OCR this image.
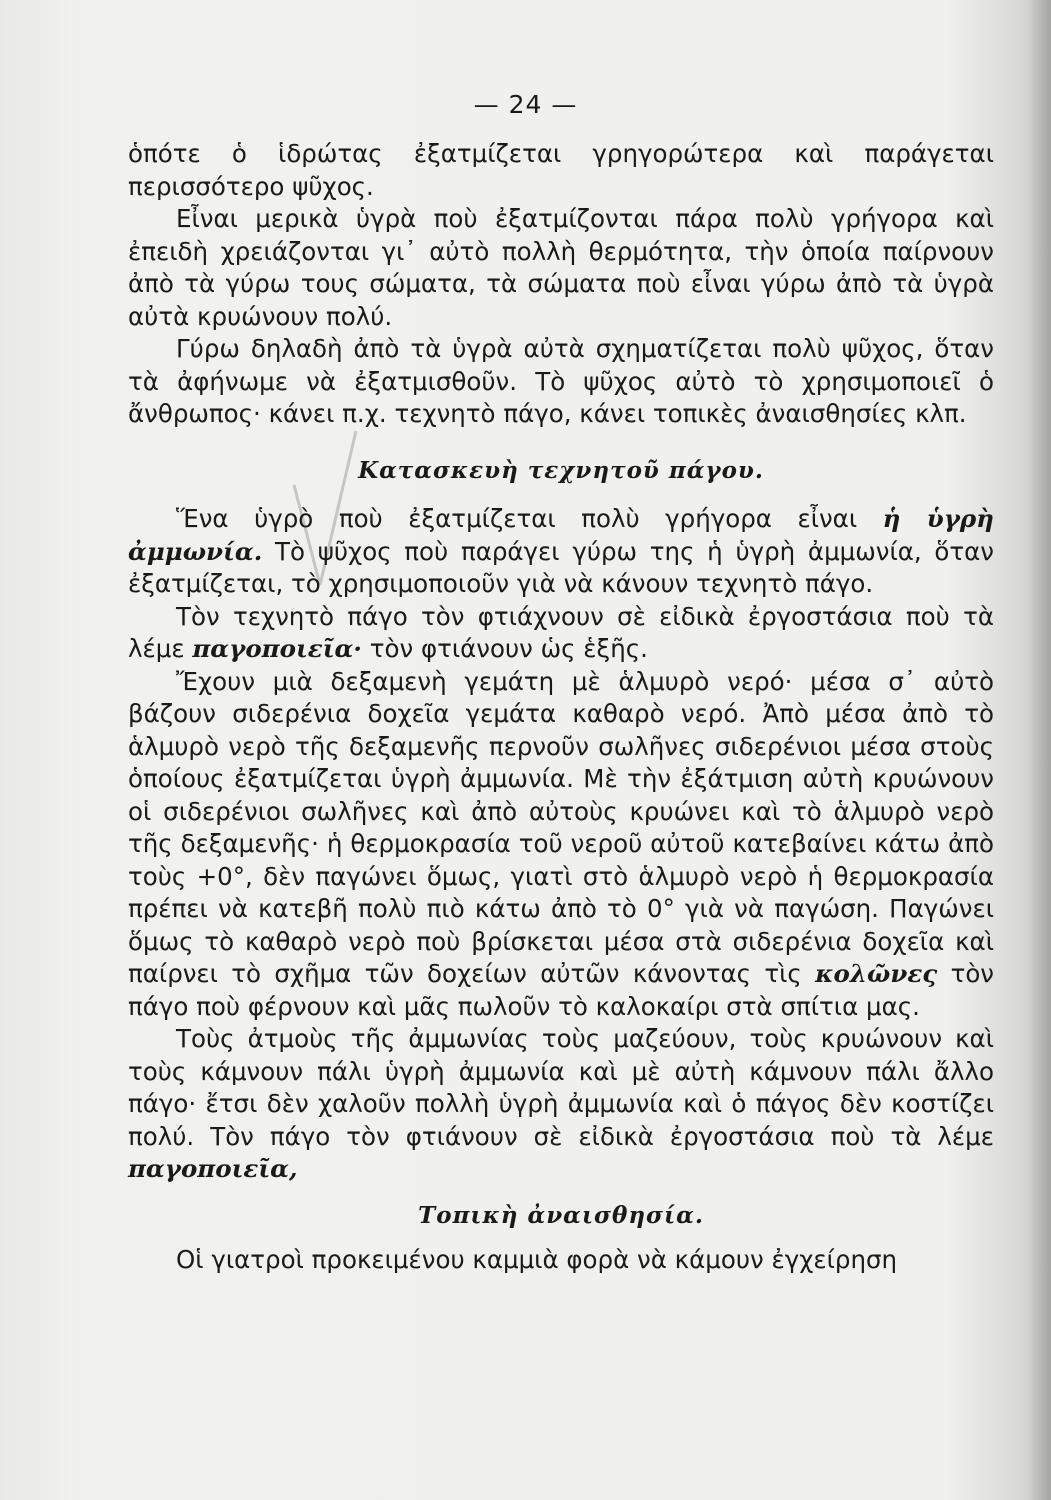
— 24 —

ὁπότε ὁ ἱδρώτας ἐξατμίζεται γρηγορώτερα καὶ παράγεται περισσότερο ψῦχος.

Εἶναι μερικὰ ὑγρὰ ποὺ ἐξατμίζονται πάρα πολὺ γρήγορα καὶ ἐπειδὴ χρειάζονται γι᾽ αὐτὸ πολλὴ θερμότητα, τὴν ὁποία παίρνουν ἀπὸ τὰ γύρω τους σώματα, τὰ σώματα ποὺ εἶναι γύρω ἀπὸ τὰ ὑγρὰ αὐτὰ κρυώνουν πολύ.

Γύρω δηλαδὴ ἀπὸ τὰ ὑγρὰ αὐτὰ σχηματίζεται πολὺ ψῦχος, ὅταν τὰ ἀφήνωμε νὰ ἐξατμισθοῦν. Τὸ ψῦχος αὐτὸ τὸ χρησιμοποιεῖ ὁ ἄνθρωπος· κάνει π.χ. τεχνητὸ πάγο, κάνει τοπικὲς ἀναισθησίες κλπ.

Κατασκευὴ τεχνητοῦ πάγου.

Ἕνα ὑγρὸ ποὺ ἐξατμίζεται πολὺ γρήγορα εἶναι ἡ ὑγρὴ ἀμμωνία. Τὸ ψῦχος ποὺ παράγει γύρω της ἡ ὑγρὴ ἀμμωνία, ὅταν ἐξατμίζεται, τὸ χρησιμοποιοῦν γιὰ νὰ κάνουν τεχνητὸ πάγο.

Τὸν τεχνητὸ πάγο τὸν φτιάχνουν σὲ εἰδικὰ ἐργοστάσια ποὺ τὰ λέμε παγοποιεῖα· τὸν φτιάνουν ὡς ἑξῆς.

Ἔχουν μιὰ δεξαμενὴ γεμάτη μὲ ἁλμυρὸ νερό· μέσα σ᾽ αὐτὸ βάζουν σιδερένια δοχεῖα γεμάτα καθαρὸ νερό. Ἀπὸ μέσα ἀπὸ τὸ ἁλμυρὸ νερὸ τῆς δεξαμενῆς περνοῦν σωλῆνες σιδερένιοι μέσα στοὺς ὁποίους ἐξατμίζεται ὑγρὴ ἀμμωνία. Μὲ τὴν ἐξάτμιση αὐτὴ κρυώνουν οἱ σιδερένιοι σωλῆνες καὶ ἀπὸ αὐτοὺς κρυώνει καὶ τὸ ἁλμυρὸ νερὸ τῆς δεξαμενῆς· ἡ θερμοκρασία τοῦ νεροῦ αὐτοῦ κατεβαίνει κάτω ἀπὸ τοὺς +0°, δὲν παγώνει ὅμως, γιατὶ στὸ ἁλμυρὸ νερὸ ἡ θερμοκρασία πρέπει νὰ κατεβῆ πολὺ πιὸ κάτω ἀπὸ τὸ 0° γιὰ νὰ παγώση. Παγώνει ὅμως τὸ καθαρὸ νερὸ ποὺ βρίσκεται μέσα στὰ σιδερένια δοχεῖα καὶ παίρνει τὸ σχῆμα τῶν δοχείων αὐτῶν κάνοντας τὶς κολῶνες τὸν πάγο ποὺ φέρνουν καὶ μᾶς πωλοῦν τὸ καλοκαίρι στὰ σπίτια μας.

Τοὺς ἀτμοὺς τῆς ἀμμωνίας τοὺς μαζεύουν, τοὺς κρυώνουν καὶ τοὺς κάμνουν πάλι ὑγρὴ ἀμμωνία καὶ μὲ αὐτὴ κάμνουν πάλι ἄλλο πάγο· ἔτσι δὲν χαλοῦν πολλὴ ὑγρὴ ἀμμωνία καὶ ὁ πάγος δὲν κοστίζει πολύ. Τὸν πάγο τὸν φτιάνουν σὲ εἰδικὰ ἐργοστάσια ποὺ τὰ λέμε παγοποιεῖα,

Τοπικὴ ἀναισθησία.

Οἱ γιατροὶ προκειμένου καμμιὰ φορὰ νὰ κάμουν ἐγχείρηση
